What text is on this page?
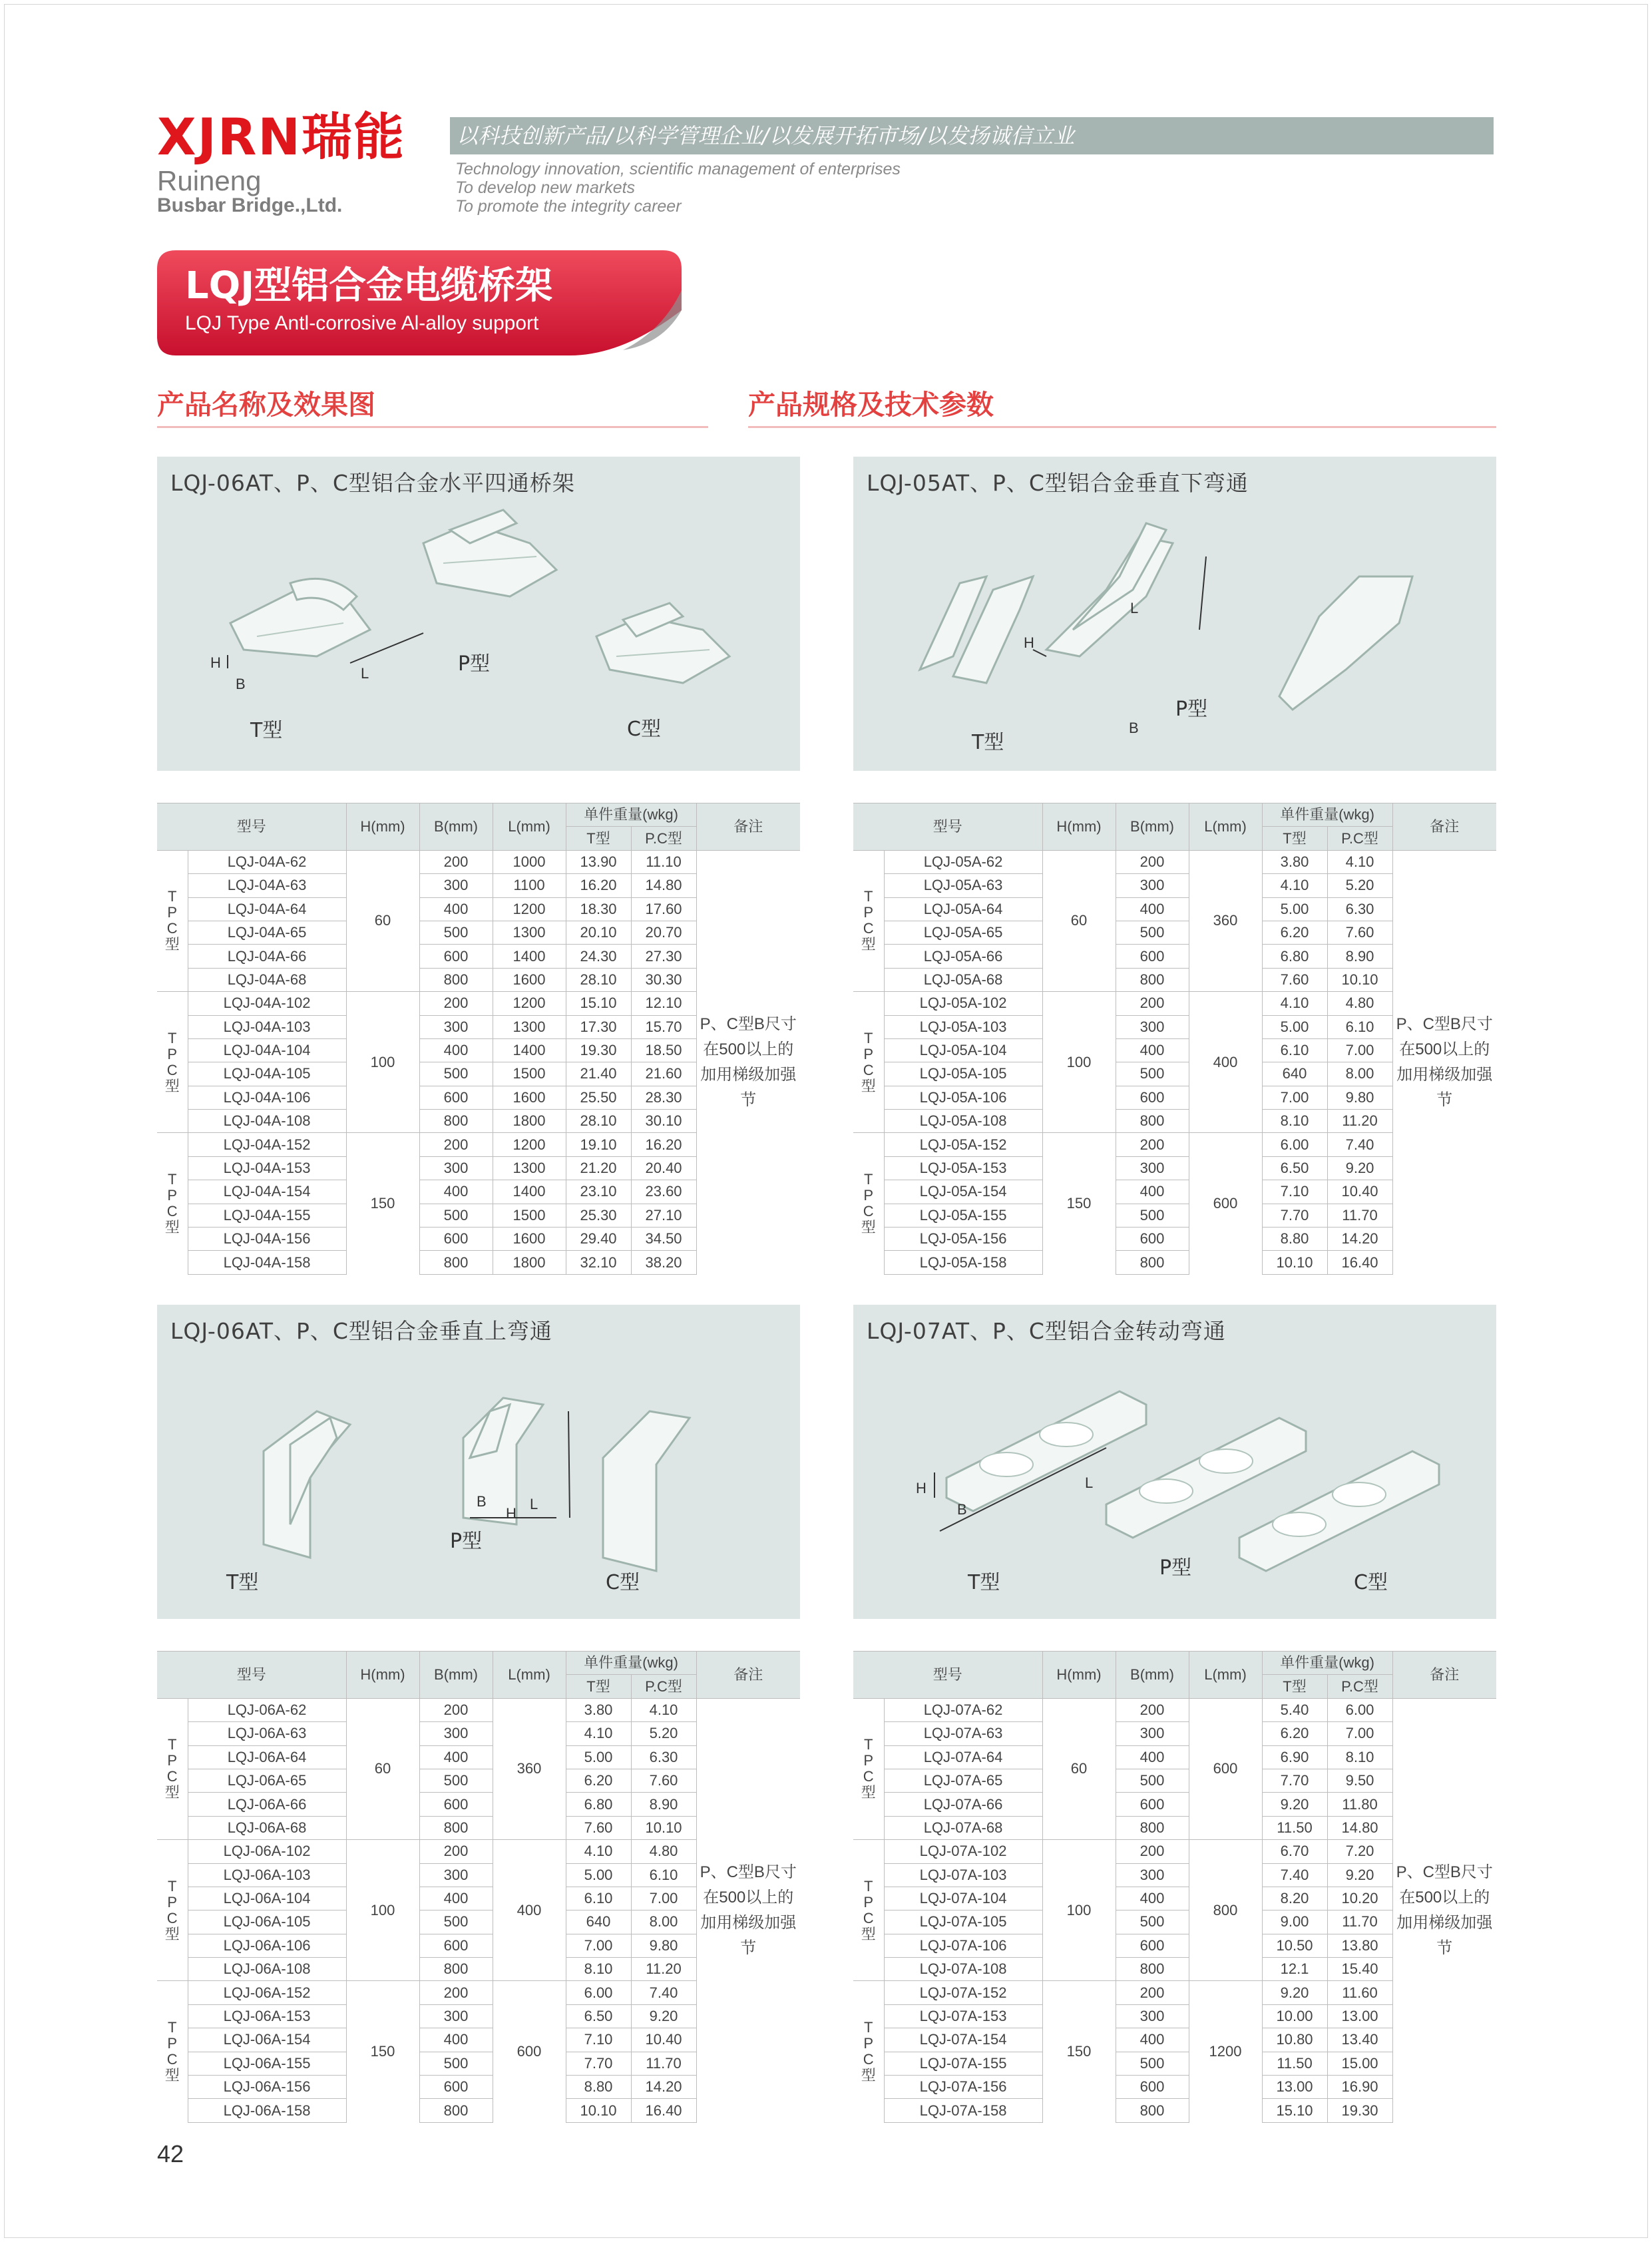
XJRN瑞能
Ruineng
Busbar Bridge.,Ltd.
以科技创新产品/以科学管理企业/以发展开拓市场/以发扬诚信立业
Technology innovation, scientific management of enterprises
To develop new markets
To promote the integrity career
LQJ型铝合金电缆桥架
LQJ Type Antl-corrosive Al-alloy support
产品名称及效果图	产品规格及技术参数
LQJ-06AT、P、C型铝合金水平四通桥架
H
B
L
T型
P型
C型
LQJ-05AT、P、C型铝合金垂直下弯通
H
L
B
T型
P型
型号		H(mm)	B(mm)	L(mm)	单件重量(wkg)		备注
					T型	P.C型	
T
P
C
型	LQJ-04A-62	60	200	1000	13.90	11.10	P、C型B尺寸在500以上的加用梯级加强节
	LQJ-04A-63		300	1100	16.20	14.80	
	LQJ-04A-64		400	1200	18.30	17.60	
	LQJ-04A-65		500	1300	20.10	20.70	
	LQJ-04A-66		600	1400	24.30	27.30	
	LQJ-04A-68		800	1600	28.10	30.30	
T
P
C
型	LQJ-04A-102	100	200	1200	15.10	12.10	
	LQJ-04A-103		300	1300	17.30	15.70	
	LQJ-04A-104		400	1400	19.30	18.50	
	LQJ-04A-105		500	1500	21.40	21.60	
	LQJ-04A-106		600	1600	25.50	28.30	
	LQJ-04A-108		800	1800	28.10	30.10	
T
P
C
型	LQJ-04A-152	150	200	1200	19.10	16.20	
	LQJ-04A-153		300	1300	21.20	20.40	
	LQJ-04A-154		400	1400	23.10	23.60	
	LQJ-04A-155		500	1500	25.30	27.10	
	LQJ-04A-156		600	1600	29.40	34.50	
	LQJ-04A-158		800	1800	32.10	38.20	
型号		H(mm)	B(mm)	L(mm)	单件重量(wkg)		备注
					T型	P.C型	
T
P
C
型	LQJ-05A-62	60	200	360	3.80	4.10	P、C型B尺寸在500以上的加用梯级加强节
	LQJ-05A-63		300		4.10	5.20	
	LQJ-05A-64		400		5.00	6.30	
	LQJ-05A-65		500		6.20	7.60	
	LQJ-05A-66		600		6.80	8.90	
	LQJ-05A-68		800		7.60	10.10	
T
P
C
型	LQJ-05A-102	100	200	400	4.10	4.80	
	LQJ-05A-103		300		5.00	6.10	
	LQJ-05A-104		400		6.10	7.00	
	LQJ-05A-105		500		640	8.00	
	LQJ-05A-106		600		7.00	9.80	
	LQJ-05A-108		800		8.10	11.20	
T
P
C
型	LQJ-05A-152	150	200	600	6.00	7.40	
	LQJ-05A-153		300		6.50	9.20	
	LQJ-05A-154		400		7.10	10.40	
	LQJ-05A-155		500		7.70	11.70	
	LQJ-05A-156		600		8.80	14.20	
	LQJ-05A-158		800		10.10	16.40	
LQJ-06AT、P、C型铝合金垂直上弯通
B
H
L
T型
P型
C型
LQJ-07AT、P、C型铝合金转动弯通
H
B
L
T型
P型
C型
型号		H(mm)	B(mm)	L(mm)	单件重量(wkg)		备注
					T型	P.C型	
T
P
C
型	LQJ-06A-62	60	200	360	3.80	4.10	P、C型B尺寸在500以上的加用梯级加强节
	LQJ-06A-63		300		4.10	5.20	
	LQJ-06A-64		400		5.00	6.30	
	LQJ-06A-65		500		6.20	7.60	
	LQJ-06A-66		600		6.80	8.90	
	LQJ-06A-68		800		7.60	10.10	
T
P
C
型	LQJ-06A-102	100	200	400	4.10	4.80	
	LQJ-06A-103		300		5.00	6.10	
	LQJ-06A-104		400		6.10	7.00	
	LQJ-06A-105		500		640	8.00	
	LQJ-06A-106		600		7.00	9.80	
	LQJ-06A-108		800		8.10	11.20	
T
P
C
型	LQJ-06A-152	150	200	600	6.00	7.40	
	LQJ-06A-153		300		6.50	9.20	
	LQJ-06A-154		400		7.10	10.40	
	LQJ-06A-155		500		7.70	11.70	
	LQJ-06A-156		600		8.80	14.20	
	LQJ-06A-158		800		10.10	16.40	
型号		H(mm)	B(mm)	L(mm)	单件重量(wkg)		备注
					T型	P.C型	
T
P
C
型	LQJ-07A-62	60	200	600	5.40	6.00	P、C型B尺寸在500以上的加用梯级加强节
	LQJ-07A-63		300		6.20	7.00	
	LQJ-07A-64		400		6.90	8.10	
	LQJ-07A-65		500		7.70	9.50	
	LQJ-07A-66		600		9.20	11.80	
	LQJ-07A-68		800		11.50	14.80	
T
P
C
型	LQJ-07A-102	100	200	800	6.70	7.20	
	LQJ-07A-103		300		7.40	9.20	
	LQJ-07A-104		400		8.20	10.20	
	LQJ-07A-105		500		9.00	11.70	
	LQJ-07A-106		600		10.50	13.80	
	LQJ-07A-108		800		12.1	15.40	
T
P
C
型	LQJ-07A-152	150	200	1200	9.20	11.60	
	LQJ-07A-153		300		10.00	13.00	
	LQJ-07A-154		400		10.80	13.40	
	LQJ-07A-155		500		11.50	15.00	
	LQJ-07A-156		600		13.00	16.90	
	LQJ-07A-158		800		15.10	19.30	
42
